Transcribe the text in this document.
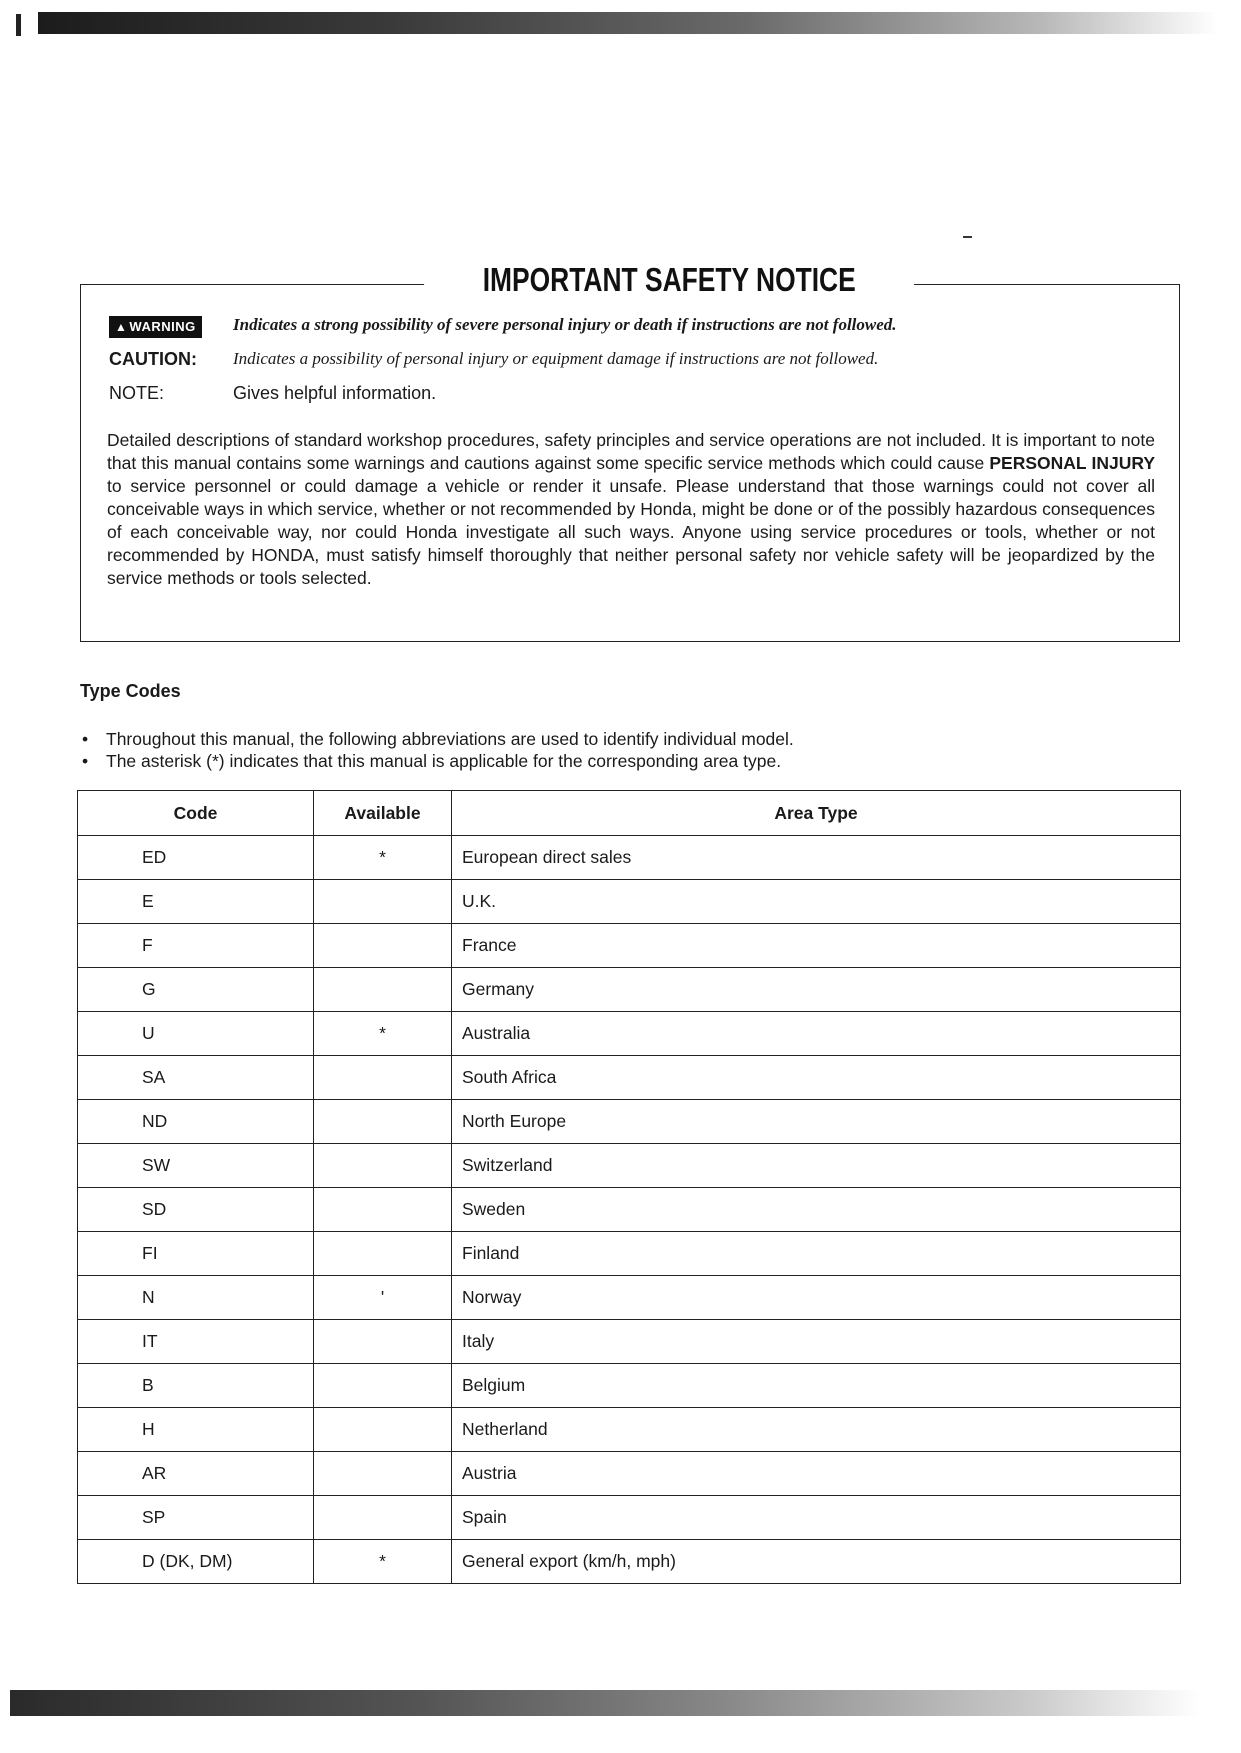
IMPORTANT SAFETY NOTICE
▲ WARNING	Indicates a strong possibility of severe personal injury or death if instructions are not followed.
CAUTION: Indicates a possibility of personal injury or equipment damage if instructions are not followed.
NOTE:	Gives helpful information.
Detailed descriptions of standard workshop procedures, safety principles and service operations are not included. It is important to note that this manual contains some warnings and cautions against some specific service methods which could cause PERSONAL INJURY to service personnel or could damage a vehicle or render it unsafe. Please understand that those warnings could not cover all conceivable ways in which service, whether or not recommended by Honda, might be done or of the possibly hazardous consequences of each conceivable way, nor could Honda investigate all such ways. Anyone using service procedures or tools, whether or not recommended by HONDA, must satisfy himself thoroughly that neither personal safety nor vehicle safety will be jeopardized by the service methods or tools selected.
Type Codes
• Throughout this manual, the following abbreviations are used to identify individual model.
• The asterisk (*) indicates that this manual is applicable for the corresponding area type.
Code	Available	Area Type
ED	*	European direct sales
E		U.K.
F		France
G		Germany
U	*	Australia
SA		South Africa
ND		North Europe
SW		Switzerland
SD		Sweden
FI		Finland
N	'	Norway
IT		Italy
B		Belgium
H		Netherland
AR		Austria
SP		Spain
D (DK, DM)	*	General export (km/h, mph)
